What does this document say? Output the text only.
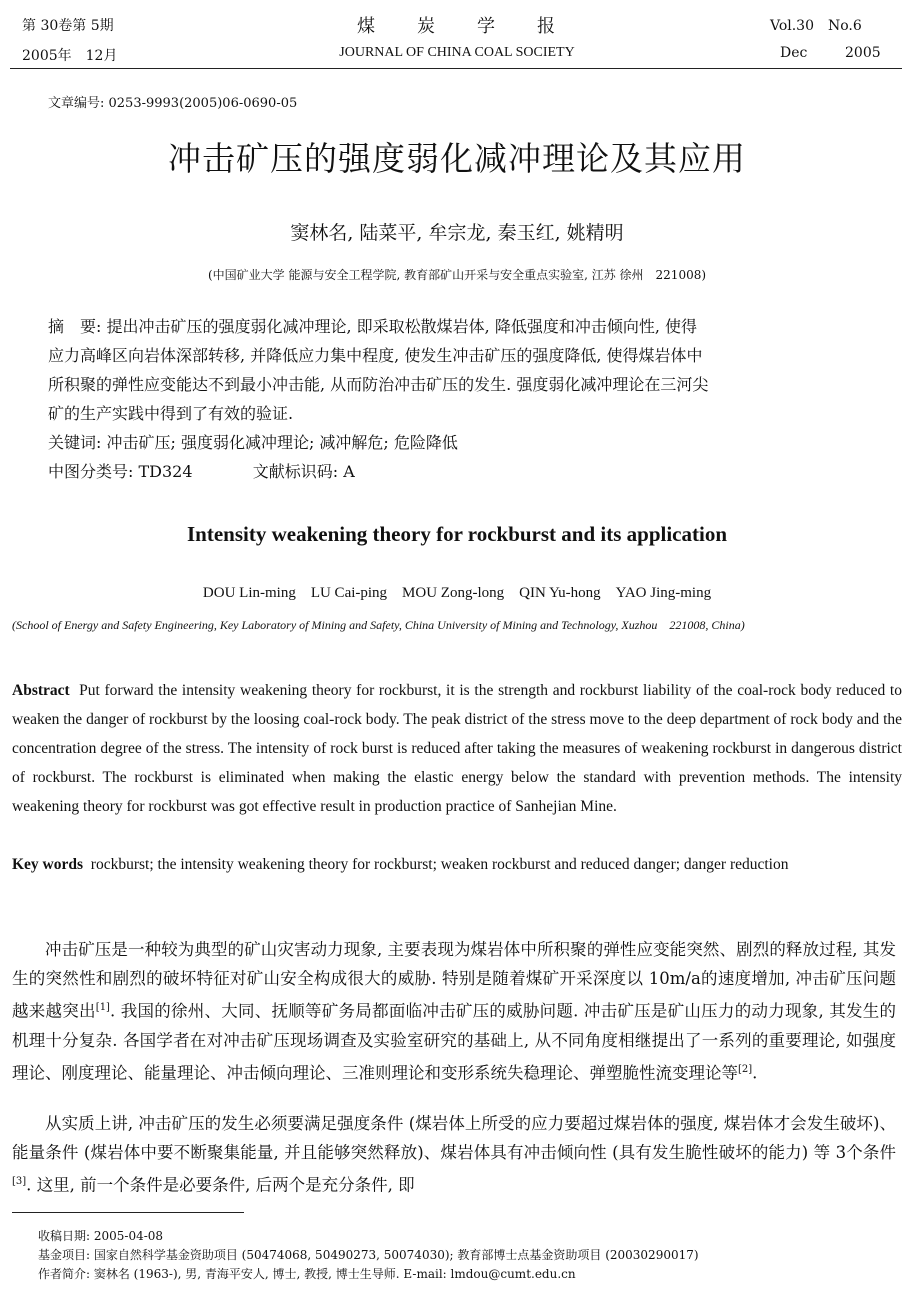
第 30卷第 5期	煤　　炭　　学　　报	Vol.30　No.6
2005年　12月	JOURNAL OF CHINA COAL SOCIETY	Dec	2005
文章编号: 0253-9993(2005)06-0690-05
冲击矿压的强度弱化减冲理论及其应用
窦林名, 陆菜平, 牟宗龙, 秦玉红, 姚精明
(中国矿业大学 能源与安全工程学院, 教育部矿山开采与安全重点实验室, 江苏 徐州　221008)
摘　要: 提出冲击矿压的强度弱化减冲理论, 即采取松散煤岩体, 降低强度和冲击倾向性, 使得
应力高峰区向岩体深部转移, 并降低应力集中程度, 使发生冲击矿压的强度降低, 使得煤岩体中
所积聚的弹性应变能达不到最小冲击能, 从而防治冲击矿压的发生. 强度弱化减冲理论在三河尖
矿的生产实践中得到了有效的验证.
关键词: 冲击矿压; 强度弱化减冲理论; 减冲解危; 危险降低
中图分类号: TD324	文献标识码: A
Intensity weakening theory for rockburst and its application
DOU Lin-ming　LU Cai-ping　MOU Zong-long　QIN Yu-hong　YAO Jing-ming
(School of Energy and Safety Engineering, Key Laboratory of Mining and Safety, China University of Mining and Technology, Xuzhou　221008, China)
Abstract Put forward the intensity weakening theory for rockburst, it is the strength and rockburst liability of the coal-rock body reduced to weaken the danger of rockburst by the loosing coal-rock body. The peak district of the stress move to the deep department of rock body and the concentration degree of the stress. The intensity of rock burst is reduced after taking the measures of weakening rockburst in dangerous district of rockburst. The rockburst is eliminated when making the elastic energy below the standard with prevention methods. The intensity weakening theory for rockburst was got effective result in production practice of Sanhejian Mine.
Key words rockburst; the intensity weakening theory for rockburst; weaken rockburst and reduced danger; danger reduction
冲击矿压是一种较为典型的矿山灾害动力现象, 主要表现为煤岩体中所积聚的弹性应变能突然、剧烈的释放过程, 其发生的突然性和剧烈的破坏特征对矿山安全构成很大的威胁. 特别是随着煤矿开采深度以 10m/a的速度增加, 冲击矿压问题越来越突出[1]. 我国的徐州、大同、抚顺等矿务局都面临冲击矿压的威胁问题. 冲击矿压是矿山压力的动力现象, 其发生的机理十分复杂. 各国学者在对冲击矿压现场调查及实验室研究的基础上, 从不同角度相继提出了一系列的重要理论, 如强度理论、刚度理论、能量理论、冲击倾向理论、三准则理论和变形系统失稳理论、弹塑脆性流变理论等[2].
从实质上讲, 冲击矿压的发生必须要满足强度条件 (煤岩体上所受的应力要超过煤岩体的强度, 煤岩体才会发生破坏)、能量条件 (煤岩体中要不断聚集能量, 并且能够突然释放)、煤岩体具有冲击倾向性 (具有发生脆性破坏的能力) 等 3个条件[3]. 这里, 前一个条件是必要条件, 后两个是充分条件, 即
收稿日期: 2005-04-08
基金项目: 国家自然科学基金资助项目 (50474068, 50490273, 50074030); 教育部博士点基金资助项目 (20030290017)
作者简介: 窦林名 (1963-), 男, 青海平安人, 博士, 教授, 博士生导师. E-mail: lmdou@cumt.edu.cn
